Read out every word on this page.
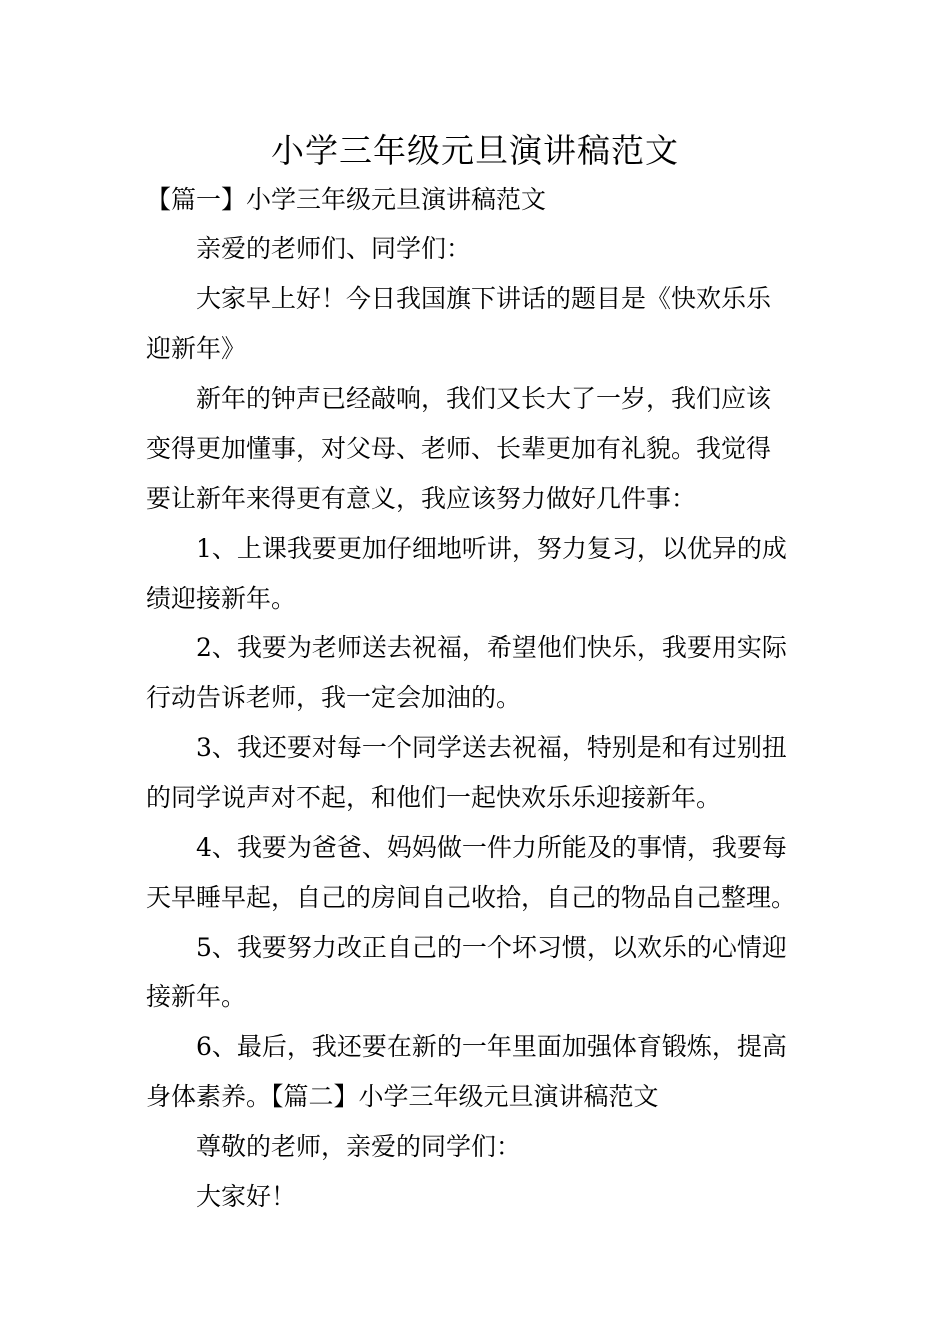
小学三年级元旦演讲稿范文
【篇一】小学三年级元旦演讲稿范文
亲爱的老师们、同学们：
大家早上好！今日我国旗下讲话的题目是《快欢乐乐
迎新年》
新年的钟声已经敲响，我们又长大了一岁，我们应该
变得更加懂事，对父母、老师、长辈更加有礼貌。我觉得
要让新年来得更有意义，我应该努力做好几件事：
1、上课我要更加仔细地听讲，努力复习，以优异的成
绩迎接新年。
2、我要为老师送去祝福，希望他们快乐，我要用实际
行动告诉老师，我一定会加油的。
3、我还要对每一个同学送去祝福，特别是和有过别扭
的同学说声对不起，和他们一起快欢乐乐迎接新年。
4、我要为爸爸、妈妈做一件力所能及的事情，我要每
天早睡早起，自己的房间自己收拾，自己的物品自己整理。
5、我要努力改正自己的一个坏习惯，以欢乐的心情迎
接新年。
6、最后，我还要在新的一年里面加强体育锻炼，提高
身体素养。【篇二】小学三年级元旦演讲稿范文
尊敬的老师，亲爱的同学们：
大家好！
